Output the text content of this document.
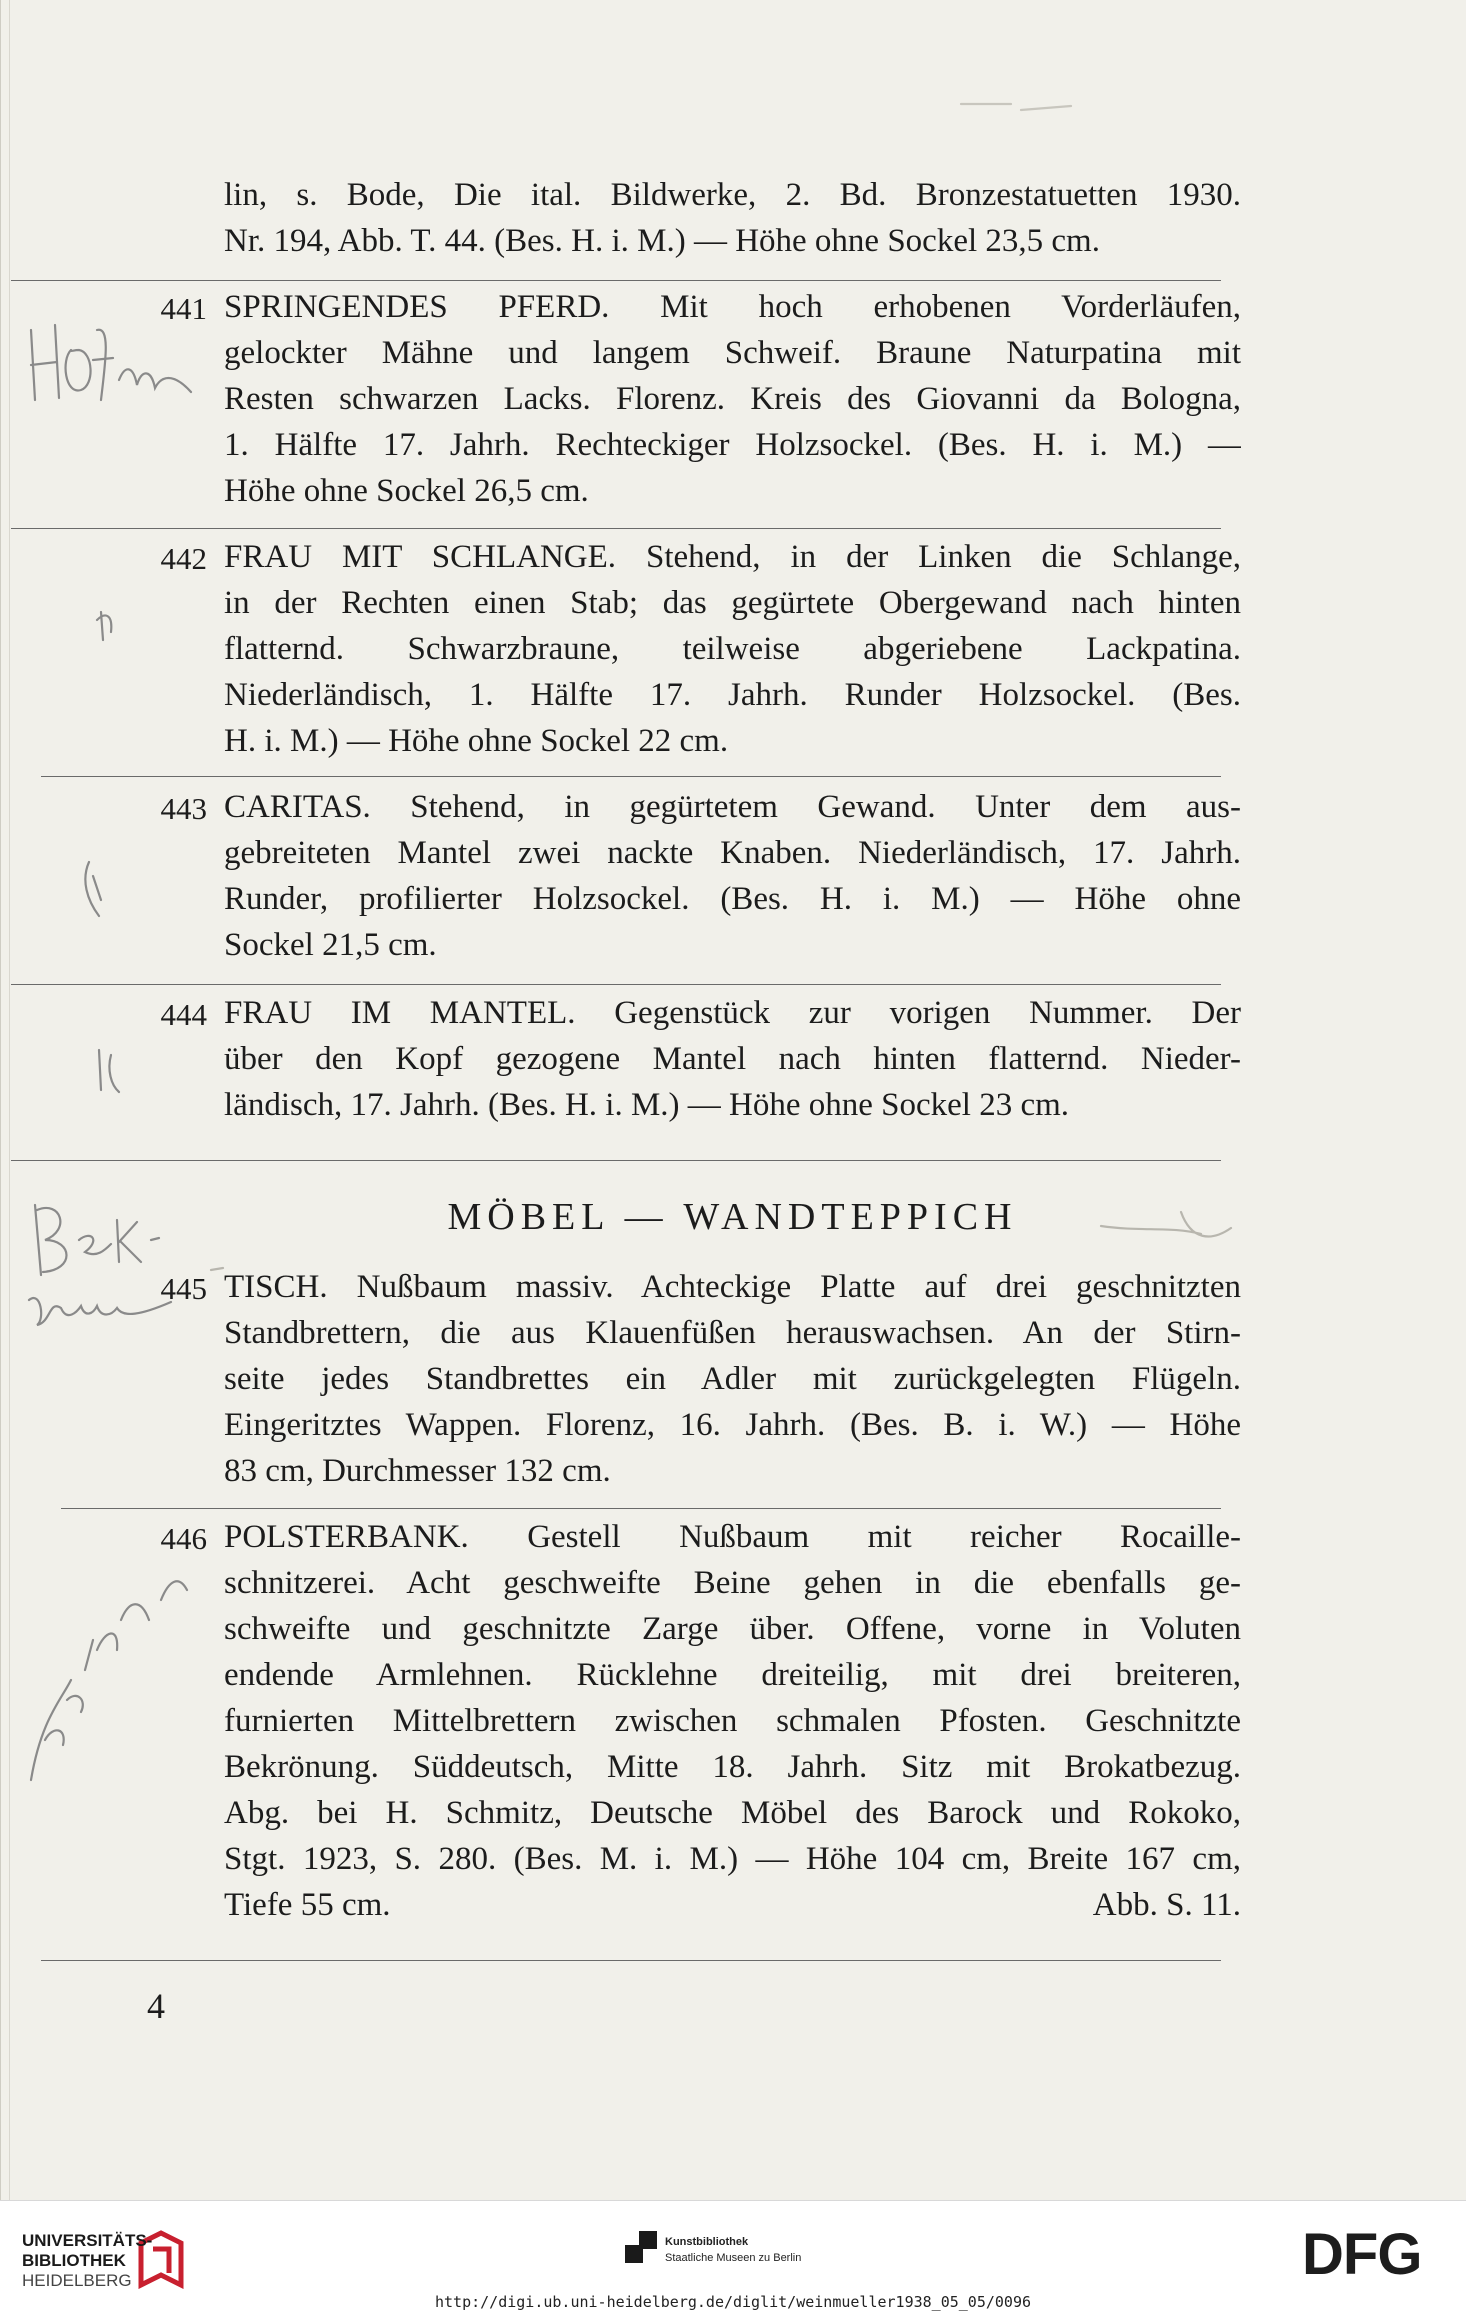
lin, s. Bode, Die ital. Bildwerke, 2. Bd. Bronzestatuetten 1930.
Nr. 194, Abb. T. 44. (Bes. H. i. M.) — Höhe ohne Sockel 23,5 cm.
441 SPRINGENDES PFERD. Mit hoch erhobenen Vorderläufen,
gelockter Mähne und langem Schweif. Braune Naturpatina mit
Resten schwarzen Lacks. Florenz. Kreis des Giovanni da Bologna,
1. Hälfte 17. Jahrh. Rechteckiger Holzsockel. (Bes. H. i. M.) —
Höhe ohne Sockel 26,5 cm.
442 FRAU MIT SCHLANGE. Stehend, in der Linken die Schlange,
in der Rechten einen Stab; das gegürtete Obergewand nach hinten
flatternd. Schwarzbraune, teilweise abgeriebene Lackpatina.
Niederländisch, 1. Hälfte 17. Jahrh. Runder Holzsockel. (Bes.
H. i. M.) — Höhe ohne Sockel 22 cm.
443 CARITAS. Stehend, in gegürtetem Gewand. Unter dem aus-
gebreiteten Mantel zwei nackte Knaben. Niederländisch, 17. Jahrh.
Runder, profilierter Holzsockel. (Bes. H. i. M.) — Höhe ohne
Sockel 21,5 cm.
444 FRAU IM MANTEL. Gegenstück zur vorigen Nummer. Der
über den Kopf gezogene Mantel nach hinten flatternd. Nieder-
ländisch, 17. Jahrh. (Bes. H. i. M.) — Höhe ohne Sockel 23 cm.
MÖBEL — WANDTEPPICH
445 TISCH. Nußbaum massiv. Achteckige Platte auf drei geschnitzten
Standbrettern, die aus Klauenfüßen herauswachsen. An der Stirn-
seite jedes Standbrettes ein Adler mit zurückgelegten Flügeln.
Eingeritztes Wappen. Florenz, 16. Jahrh. (Bes. B. i. W.) — Höhe
83 cm, Durchmesser 132 cm.
446 POLSTERBANK. Gestell Nußbaum mit reicher Rocaille-
schnitzerei. Acht geschweifte Beine gehen in die ebenfalls ge-
schweifte und geschnitzte Zarge über. Offene, vorne in Voluten
endende Armlehnen. Rücklehne dreiteilig, mit drei breiteren,
furnierten Mittelbrettern zwischen schmalen Pfosten. Geschnitzte
Bekrönung. Süddeutsch, Mitte 18. Jahrh. Sitz mit Brokatbezug.
Abg. bei H. Schmitz, Deutsche Möbel des Barock und Rokoko,
Stgt. 1923, S. 280. (Bes. M. i. M.) — Höhe 104 cm, Breite 167 cm,
Tiefe 55 cm.	Abb. S. 11.
4
UNIVERSITÄTS-
BIBLIOTHEK
HEIDELBERG
Kunstbibliothek
Staatliche Museen zu Berlin	DFG
http://digi.ub.uni-heidelberg.de/diglit/weinmueller1938_05_05/0096
